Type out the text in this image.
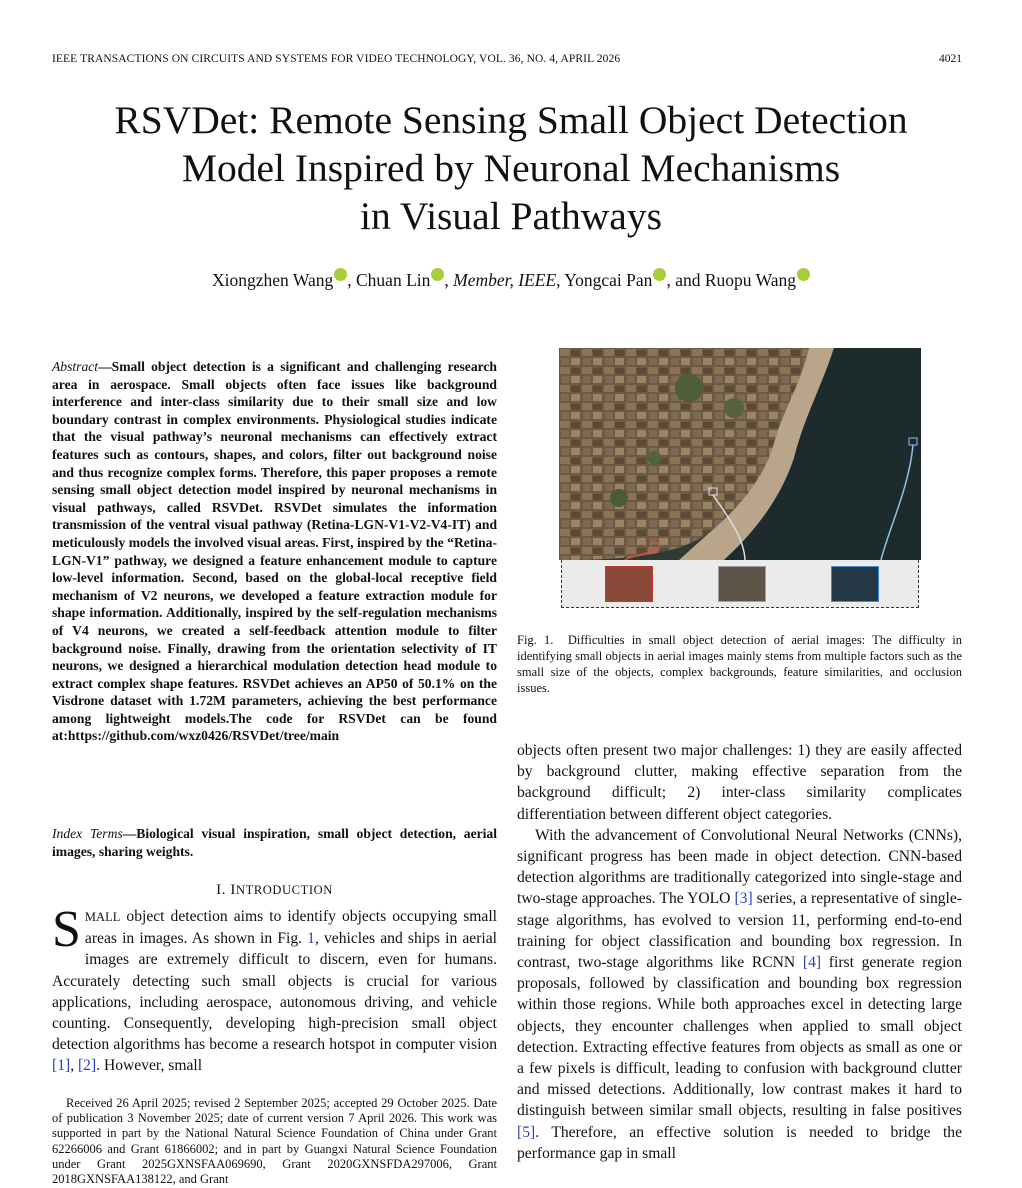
IEEE TRANSACTIONS ON CIRCUITS AND SYSTEMS FOR VIDEO TECHNOLOGY, VOL. 36, NO. 4, APRIL 2026	4021
RSVDet: Remote Sensing Small Object Detection
Model Inspired by Neuronal Mechanisms
in Visual Pathways
Xiongzhen Wang , Chuan Lin , Member, IEEE, Yongcai Pan , and Ruopu Wang
Abstract—Small object detection is a significant and challenging research area in aerospace. Small objects often face issues like background interference and inter-class similarity due to their small size and low boundary contrast in complex environments. Physiological studies indicate that the visual pathway’s neuronal mechanisms can effectively extract features such as contours, shapes, and colors, filter out background noise and thus recognize complex forms. Therefore, this paper proposes a remote sensing small object detection model inspired by neuronal mechanisms in visual pathways, called RSVDet. RSVDet simulates the information transmission of the ventral visual pathway (Retina-LGN-V1-V2-V4-IT) and meticulously models the involved visual areas. First, inspired by the “Retina-LGN-V1” pathway, we designed a feature enhancement module to capture low-level information. Second, based on the global-local receptive field mechanism of V2 neurons, we developed a feature extraction module for shape information. Additionally, inspired by the self-regulation mechanisms of V4 neurons, we created a self-feedback attention module to filter background noise. Finally, drawing from the orientation selectivity of IT neurons, we designed a hierarchical modulation detection head module to extract complex shape features. RSVDet achieves an AP50 of 50.1% on the Visdrone dataset with 1.72M parameters, achieving the best performance among lightweight models.The code for RSVDet can be found at:https://github.com/wxz0426/RSVDet/tree/main
Index Terms—Biological visual inspiration, small object detection, aerial images, sharing weights.
I. INTRODUCTION
SMALL object detection aims to identify objects occupying small areas in images. As shown in Fig. 1, vehicles and ships in aerial images are extremely difficult to discern, even for humans. Accurately detecting such small objects is crucial for various applications, including aerospace, autonomous driving, and vehicle counting. Consequently, developing high-precision small object detection algorithms has become a research hotspot in computer vision [1], [2]. However, small
Received 26 April 2025; revised 2 September 2025; accepted 29 October 2025. Date of publication 3 November 2025; date of current version 7 April 2026. This work was supported in part by the National Natural Science Foundation of China under Grant 62266006 and Grant 61866002; and in part by Guangxi Natural Science Foundation under Grant 2025GXNSFAA069690, Grant 2020GXNSFDA297006, Grant 2018GXNSFAA138122, and Grant
Fig. 1. Difficulties in small object detection of aerial images: The difficulty in identifying small objects in aerial images mainly stems from multiple factors such as the small size of the objects, complex backgrounds, feature similarities, and occlusion issues.

objects often present two major challenges: 1) they are easily affected by background clutter, making effective separation from the background difficult; 2) inter-class similarity complicates differentiation between different object categories.

With the advancement of Convolutional Neural Networks (CNNs), significant progress has been made in object detection. CNN-based detection algorithms are traditionally categorized into single-stage and two-stage approaches. The YOLO [3] series, a representative of single-stage algorithms, has evolved to version 11, performing end-to-end training for object classification and bounding box regression. In contrast, two-stage algorithms like RCNN [4] first generate region proposals, followed by classification and bounding box regression within those regions. While both approaches excel in detecting large objects, they encounter challenges when applied to small object detection. Extracting effective features from objects as small as one or a few pixels is difficult, leading to confusion with background clutter and missed detections. Additionally, low contrast makes it hard to distinguish between similar small objects, resulting in false positives [5]. Therefore, an effective solution is needed to bridge the performance gap in small
